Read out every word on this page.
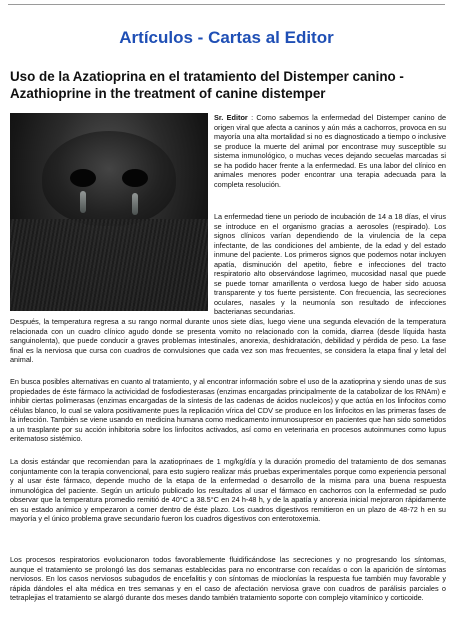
Artículos - Cartas al Editor
Uso de la Azatioprina en el tratamiento del Distemper canino - Azathioprine in the treatment of canine distemper

Sr. Editor : Como sabemos la enfermedad del Distemper canino de origen viral que afecta a caninos y aún más a cachorros, provoca en su mayoría una alta mortalidad si no es diagnosticado a tiempo o inclusive se produce la muerte del animal por encontrase muy susceptible su sistema inmunológico, o muchas veces dejando secuelas marcadas si se ha podido hacer frente a la enfermedad. Es una labor del clínico en animales menores poder encontrar una terapia adecuada para la completa resolución.

La enfermedad tiene un periodo de incubación de 14 a 18 días, el virus se introduce en el organismo gracias a aerosoles (respirado). Los signos clínicos varían dependiendo de la virulencia de la cepa infectante, de las condiciones del ambiente, de la edad y del estado inmune del paciente. Los primeros signos que podemos notar incluyen apatía, disminución del apetito, fiebre e infecciones del tracto respiratorio alto observándose lagrimeo, mucosidad nasal que puede se puede tornar amarillenta o verdosa luego de haber sido acuosa transparente y tos fuerte persistente. Con frecuencia, las secreciones oculares, nasales y la neumonía son resultado de infecciones bacterianas secundarias.

Después, la temperatura regresa a su rango normal durante unos siete días, luego viene una segunda elevación de la temperatura relacionada con un cuadro clínico agudo donde se presenta vomito no relacionado con la comida, diarrea (desde líquida hasta sanguinolenta), que puede conducir a graves problemas intestinales, anorexia, deshidratación, debilidad y pérdida de peso. La fase final es la nerviosa que cursa con cuadros de convulsiones que cada vez son mas frecuentes, se considera la etapa final y letal del animal.

En busca posibles alternativas en cuanto al tratamiento, y al encontrar información sobre el uso de la azatioprina y siendo unas de sus propiedades de éste fármaco la activicidad de fosfodiesterasas (enzimas encargadas principalmente de la catabolizar de los RNAm) e inhibir ciertas polimerasas (enzimas encargadas de la síntesis de las cadenas de ácidos nucleicos) y que actúa en los linfocitos como células blanco, lo cual se valora positivamente pues la replicación vírica del CDV se produce en los linfocitos en las primeras fases de la infección. También se viene usando en medicina humana como medicamento inmunosupresor en pacientes que han sido sometidos a un trasplante por su acción inhibitoria sobre los linfocitos activados, así como en veterinaria en procesos autoinmunes como lupus eritematoso sistémico.

La dosis estándar que recomiendan para la azatioprinaes de 1 mg/kg/día y la duración promedio del tratamiento de dos semanas conjuntamente con la terapia convencional, para esto sugiero realizar más pruebas experimentales porque como experiencia personal y al usar éste fármaco, depende mucho de la etapa de la enfermedad o desarrollo de la misma para una buena respuesta inmunológica del paciente. Según un artículo publicado los resultados al usar el fármaco en cachorros con la enfermedad se pudo observar que la temperatura promedio remitió de 40°C a 38.5°C en 24 h-48 h, y de la apatía y anorexia inicial mejoraron rápidamente en su estado anímico y empezaron a comer dentro de éste plazo. Los cuadros digestivos remitieron en un plazo de 48-72 h en su mayoría y el único problema grave secundario fueron los cuadros digestivos con enterotoxemia.

Los procesos respiratorios evolucionaron todos favorablemente fluidificándose las secreciones y no progresando los síntomas, aunque el tratamiento se prolongó las dos semanas establecidas para no encontrarse con recaídas o con la aparición de síntomas nerviosos. En los casos nerviosos subagudos de encefalitis y con síntomas de mioclonías la respuesta fue también muy favorable y rápida dándoles el alta médica en tres semanas y en el caso de afectación nerviosa grave con cuadros de parálisis parciales o tetraplejias el tratamiento se alargó durante dos meses dando también tratamiento soporte con complejo vitamínico y corticoide.
